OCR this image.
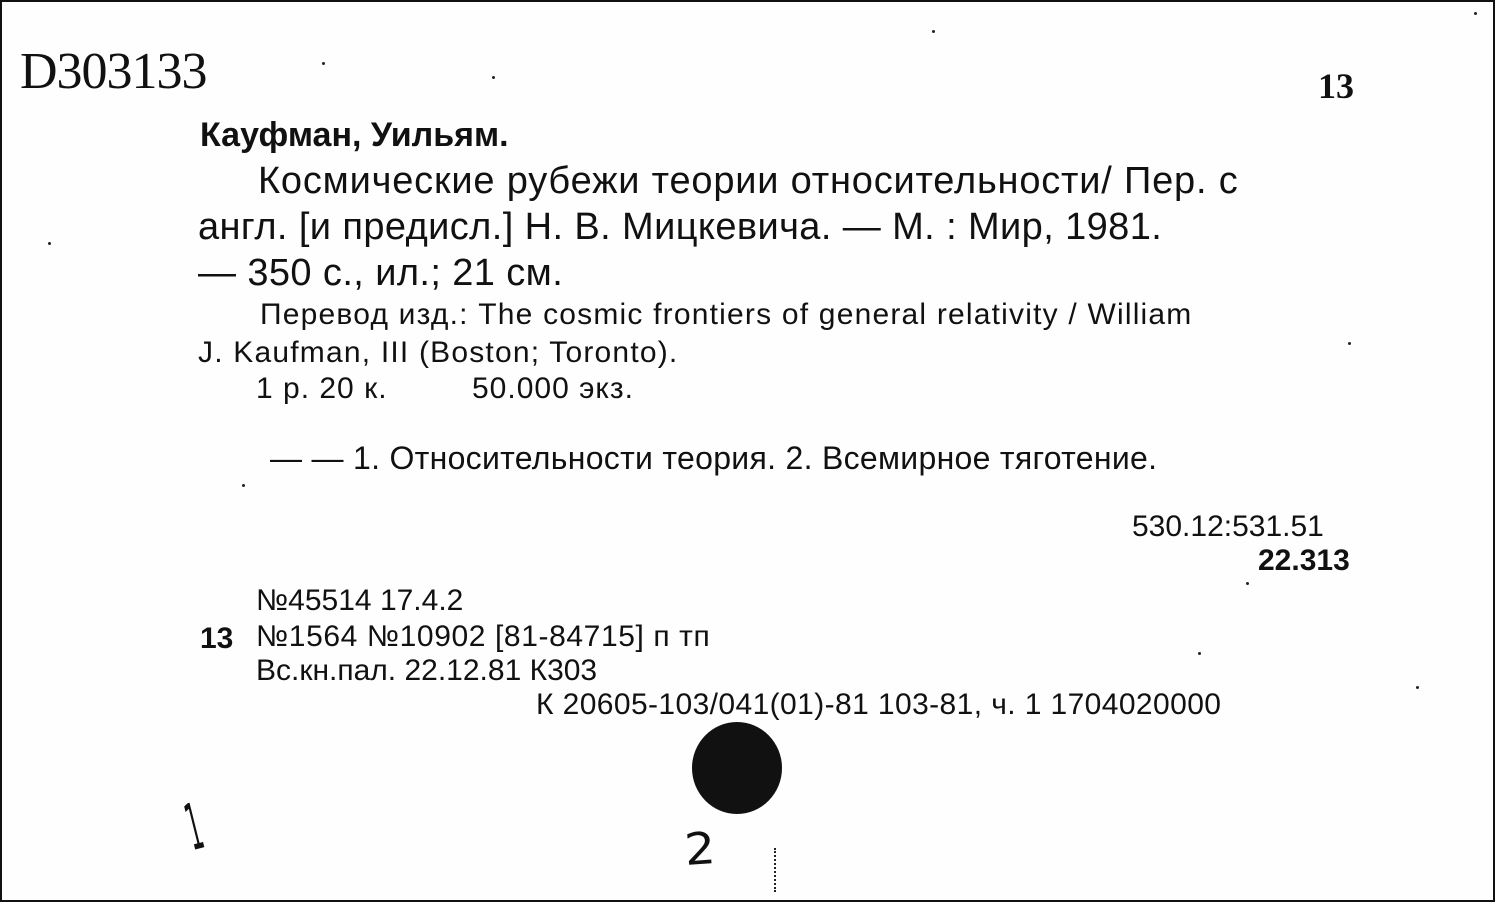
D303133	13
Кауфман, Уильям.
Космические рубежи теории относительности/ Пер. с
англ. [и предисл.] Н. В. Мицкевича. — М. : Мир, 1981.
— 350 с., ил.; 21 см.
Перевод изд.: The cosmic frontiers of general relativity / William
J. Kaufman, III (Boston; Toronto).
1 р. 20 к.	50.000 экз.
— — 1. Относительности теория. 2. Всемирное тяготение.
530.12:531.51
22.313
№45514 17.4.2
13 №1564 №10902 [81-84715] п тп
Вс.кн.пал. 22.12.81 К303
К 20605-103/041(01)-81 103-81, ч. 1 1704020000
1	2
